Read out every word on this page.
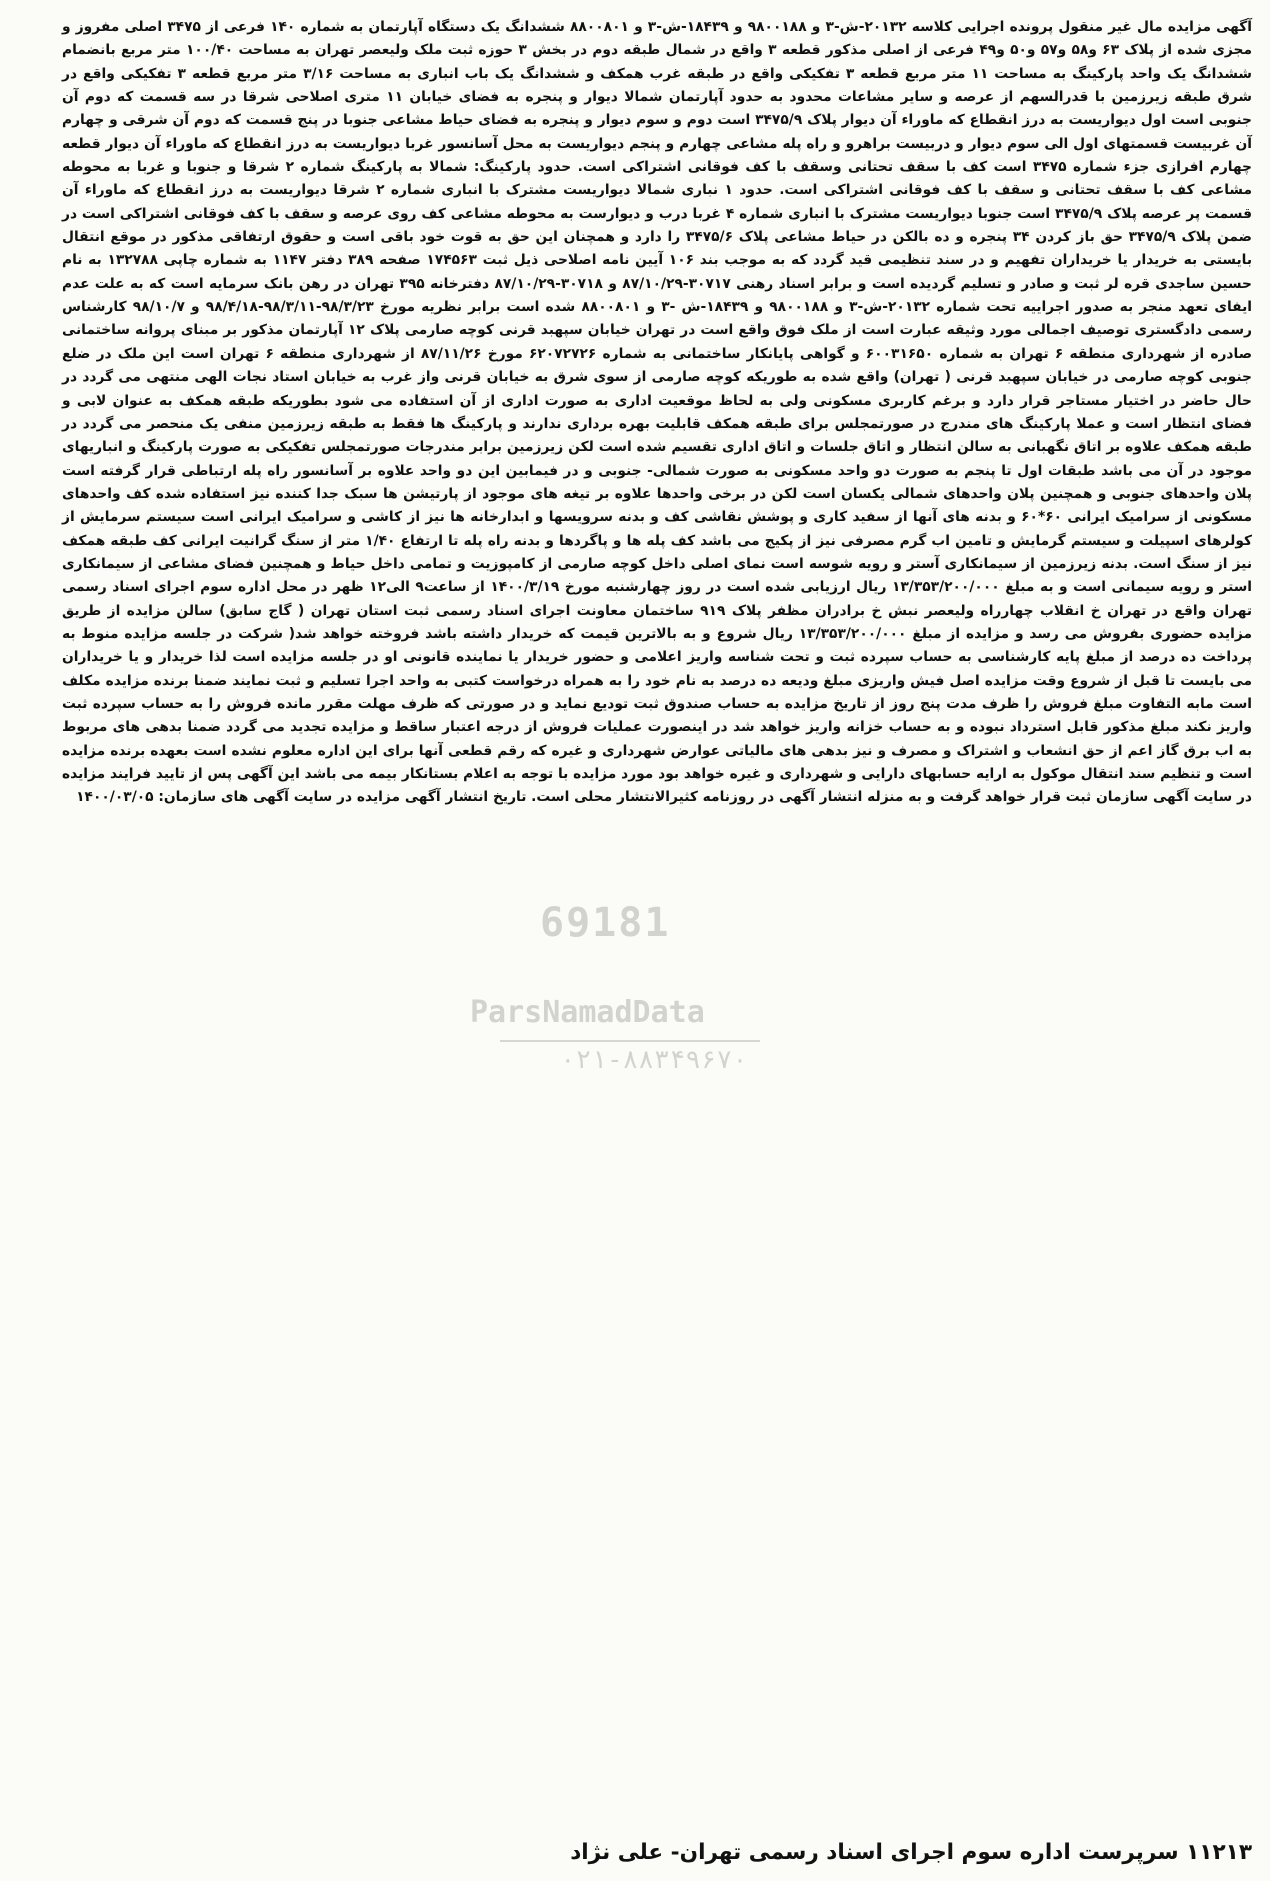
آگهی مزایده مال غیر منقول پرونده اجرایی کلاسه ۲۰۱۳۲-ش-۳ و ۹۸۰۰۱۸۸ و ۱۸۴۳۹-ش-۳ و ۸۸۰۰۸۰۱ ششدانگ یک دستگاه آپارتمان به شماره ۱۴۰ فرعی از ۳۴۷۵ اصلی مفروز و مجزی شده از پلاک ۶۳ و۵۸ و۵۷ و۵۰ و۴۹ فرعی از اصلی مذکور قطعه ۳ واقع در شمال طبقه دوم در بخش ۳ حوزه ثبت ملک ولیعصر تهران به مساحت ۱۰۰/۴۰ متر مربع بانضمام ششدانگ یک واحد پارکینگ به مساحت ۱۱ متر مربع قطعه ۳ تفکیکی واقع در طبقه غرب همکف و ششدانگ یک باب انباری به مساحت ۳/۱۶ متر مربع قطعه ۳ تفکیکی واقع در شرق طبقه زیرزمین با قدرالسهم از عرصه و سایر مشاعات محدود به حدود آپارتمان شمالا دیوار و پنجره به فضای خیابان ۱۱ متری اصلاحی شرقا در سه قسمت که دوم آن جنوبی است اول دیواریست به درز انقطاع که ماوراء آن دیوار پلاک ۳۴۷۵/۹ است دوم و سوم دیوار و پنجره به فضای حیاط مشاعی جنوبا در پنج قسمت که دوم آن شرقی و چهارم آن غربیست قسمتهای اول الی سوم دیوار و دربیست براهرو و راه پله مشاعی چهارم و پنجم دیواریست به محل آسانسور غربا دیواریست به درز انقطاع که ماوراء آن دیوار قطعه چهارم افرازی جزء شماره ۳۴۷۵ است کف با سقف تحتانی وسقف با کف فوقانی اشتراکی است. حدود پارکینگ: شمالا به پارکینگ شماره ۲ شرقا و جنوبا و غربا به محوطه مشاعی کف با سقف تحتانی و سقف با کف فوقانی اشتراکی است. حدود ۱ نباری شمالا دیواریست مشترک با انباری شماره ۲ شرقا دیواریست به درز انقطاع که ماوراء آن قسمت پر عرصه پلاک ۳۴۷۵/۹ است جنوبا دیواریست مشترک با انباری شماره ۴ غربا درب و دیوارست به محوطه مشاعی کف روی عرصه و سقف با کف فوقانی اشتراکی است در ضمن پلاک ۳۴۷۵/۹ حق باز کردن ۳۴ پنجره و ده بالکن در حیاط مشاعی پلاک ۳۴۷۵/۶ را دارد و همچنان این حق به قوت خود باقی است و حقوق ارتفاقی مذکور در موقع انتقال بایستی به خریدار یا خریداران تفهیم و در سند تنظیمی قید گردد که به موجب بند ۱۰۶ آیین نامه اصلاحی ذیل ثبت ۱۷۴۵۶۳ صفحه ۳۸۹ دفتر ۱۱۴۷ به شماره چاپی ۱۳۲۷۸۸ به نام حسین ساجدی قره لر ثبت و صادر و تسلیم گردیده است و برابر اسناد رهنی ۳۰۷۱۷-۸۷/۱۰/۲۹ و ۳۰۷۱۸-۸۷/۱۰/۲۹ دفترخانه ۳۹۵ تهران در رهن بانک سرمایه است که به علت عدم ایفای تعهد منجر به صدور اجراییه تحت شماره ۲۰۱۳۲-ش-۳ و ۹۸۰۰۱۸۸ و ۱۸۴۳۹-ش -۳ و ۸۸۰۰۸۰۱ شده است برابر نظریه مورخ ۹۸/۳/۲۳-۹۸/۳/۱۱-۹۸/۴/۱۸ و ۹۸/۱۰/۷ کارشناس رسمی دادگستری توصیف اجمالی مورد وثیقه عبارت است از ملک فوق واقع است در تهران خیابان سپهبد قرنی کوچه صارمی پلاک ۱۲ آپارتمان مذکور بر مبنای پروانه ساختمانی صادره از شهرداری منطقه ۶ تهران به شماره ۶۰۰۳۱۶۵۰ و گواهی پایانکار ساختمانی به شماره ۶۲۰۷۲۷۲۶ مورخ ۸۷/۱۱/۲۶ از شهرداری منطقه ۶ تهران است این ملک در ضلع جنوبی کوچه صارمی در خیابان سپهبد قرنی ( تهران) واقع شده به طوریکه کوچه صارمی از سوی شرق به خیابان قرنی واز غرب به خیابان استاد نجات الهی منتهی می گردد در حال حاضر در اختیار مستاجر قرار دارد و برغم کاربری مسکونی ولی به لحاظ موقعیت اداری به صورت اداری از آن استفاده می شود بطوریکه طبقه همکف به عنوان لابی و فضای انتظار است و عملا پارکینگ های مندرج در صورتمجلس برای طبقه همکف قابلیت بهره برداری ندارند و پارکینگ ها فقط به طبقه زیرزمین منفی یک منحصر می گردد در طبقه همکف علاوه بر اتاق نگهبانی به سالن انتظار و اتاق جلسات و اتاق اداری تقسیم شده است لکن زیرزمین برابر مندرجات صورتمجلس تفکیکی به صورت پارکینگ و انباریهای موجود در آن می باشد طبقات اول تا پنجم به صورت دو واحد مسکونی به صورت شمالی- جنوبی و در فیمابین این دو واحد علاوه بر آسانسور راه پله ارتباطی قرار گرفته است پلان واحدهای جنوبی و همچنین پلان واحدهای شمالی یکسان است لکن در برخی واحدها علاوه بر تیغه های موجود از پارتیشن ها سبک جدا کننده نیز استفاده شده کف واحدهای مسکونی از سرامیک ایرانی ۶۰*۶۰ و بدنه های آنها از سفید کاری و پوشش نقاشی کف و بدنه سرویسها و ابدارخانه ها نیز از کاشی و سرامیک ایرانی است سیستم سرمایش از کولرهای اسپیلت و سیستم گرمایش و تامین اب گرم مصرفی نیز از پکیج می باشد کف پله ها و پاگردها و بدنه راه پله تا ارتفاع ۱/۴۰ متر از سنگ گرانیت ایرانی کف طبقه همکف نیز از سنگ است. بدنه زیرزمین از سیمانکاری آستر و رویه شوسه است نمای اصلی داخل کوچه صارمی از کامپوزیت و تمامی داخل حیاط و همچنین فضای مشاعی از سیمانکاری استر و رویه سیمانی است و به مبلغ ۱۳/۳۵۳/۲۰۰/۰۰۰ ریال ارزیابی شده است در روز چهارشنبه مورخ ۱۴۰۰/۳/۱۹ از ساعت۹ الی۱۲ ظهر در محل اداره سوم اجرای اسناد رسمی تهران واقع در تهران خ انقلاب چهارراه ولیعصر نبش خ برادران مظفر پلاک ۹۱۹ ساختمان معاونت اجرای اسناد رسمی ثبت استان تهران ( گاج سابق) سالن مزایده از طریق مزایده حضوری بفروش می رسد و مزایده از مبلغ ۱۳/۳۵۳/۲۰۰/۰۰۰ ریال شروع و به بالاترین قیمت که خریدار داشته باشد فروخته خواهد شد( شرکت در جلسه مزایده منوط به پرداخت ده درصد از مبلغ پایه کارشناسی به حساب سپرده ثبت و تحت شناسه واریز اعلامی و حضور خریدار یا نماینده قانونی او در جلسه مزایده است لذا خریدار و یا خریداران می بایست تا قبل از شروع وقت مزایده اصل فیش واریزی مبلغ ودیعه ده درصد به نام خود را به همراه درخواست کتبی به واحد اجرا تسلیم و ثبت نمایند ضمنا برنده مزایده مکلف است مابه التفاوت مبلغ فروش را ظرف مدت پنج روز از تاریخ مزایده به حساب صندوق ثبت تودیع نماید و در صورتی که ظرف مهلت مقرر مانده فروش را به حساب سپرده ثبت واریز نکند مبلغ مذکور قابل استرداد نبوده و به حساب خزانه واریز خواهد شد در اینصورت عملیات فروش از درجه اعتبار ساقط و مزایده تجدید می گردد ضمنا بدهی های مربوط به اب برق گاز اعم از حق انشعاب و اشتراک و مصرف و نیز بدهی های مالیاتی عوارض شهرداری و غیره که رقم قطعی آنها برای این اداره معلوم نشده است بعهده برنده مزایده است و تنظیم سند انتقال موکول به ارایه حسابهای دارایی و شهرداری و غیره خواهد بود مورد مزایده با توجه به اعلام بستانکار بیمه می باشد این آگهی پس از تایید فرایند مزایده در سایت آگهی سازمان ثبت قرار خواهد گرفت و به منزله انتشار آگهی در روزنامه کثیرالانتشار محلی است. تاریخ انتشار آگهی مزایده در سایت آگهی های سازمان: ۱۴۰۰/۰۳/۰۵
۱۱۲۱۳ سرپرست اداره سوم اجرای اسناد رسمی تهران- علی نژاد
69181
ParsNamadData
۰۲۱-۸۸۳۴۹۶۷۰
